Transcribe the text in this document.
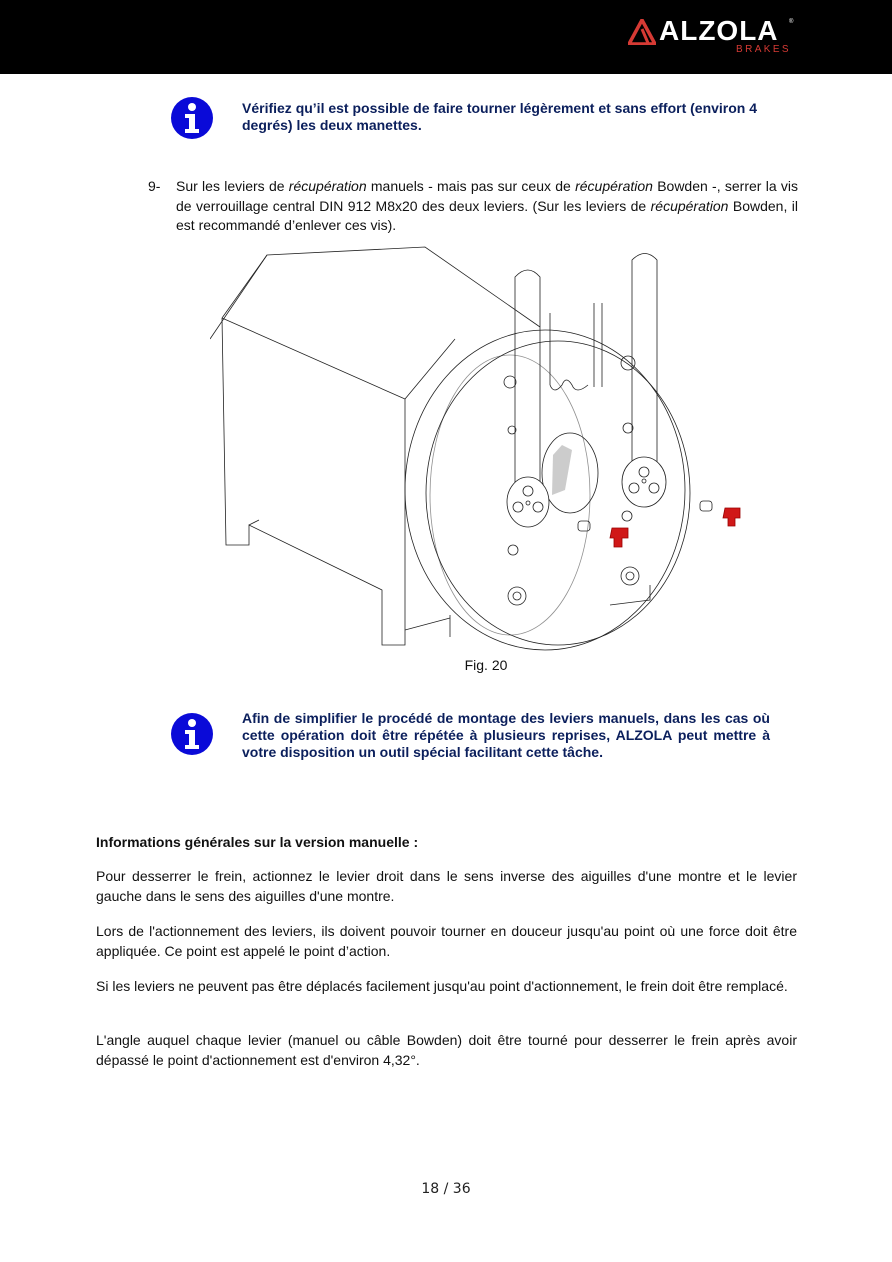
ALZOLA ®
BRAKES
Vérifiez qu’il est possible de faire tourner légèrement et sans effort (environ 4 degrés) les deux manettes.
9- Sur les leviers de récupération manuels - mais pas sur ceux de récupération Bowden -, serrer la vis de verrouillage central DIN 912 M8x20 des deux leviers. (Sur les leviers de récupération Bowden, il est recommandé d’enlever ces vis).
Fig. 20
Afin de simplifier le procédé de montage des leviers manuels, dans les cas où cette opération doit être répétée à plusieurs reprises, ALZOLA peut mettre à votre disposition un outil spécial facilitant cette tâche.
Informations générales sur la version manuelle :
Pour desserrer le frein, actionnez le levier droit dans le sens inverse des aiguilles d'une montre et le levier gauche dans le sens des aiguilles d'une montre.
Lors de l'actionnement des leviers, ils doivent pouvoir tourner en douceur jusqu'au point où une force doit être appliquée. Ce point est appelé le point d’action.
Si les leviers ne peuvent pas être déplacés facilement jusqu'au point d'actionnement, le frein doit être remplacé.
L'angle auquel chaque levier (manuel ou câble Bowden) doit être tourné pour desserrer le frein après avoir dépassé le point d'actionnement est d'environ 4,32°.
18 / 36
